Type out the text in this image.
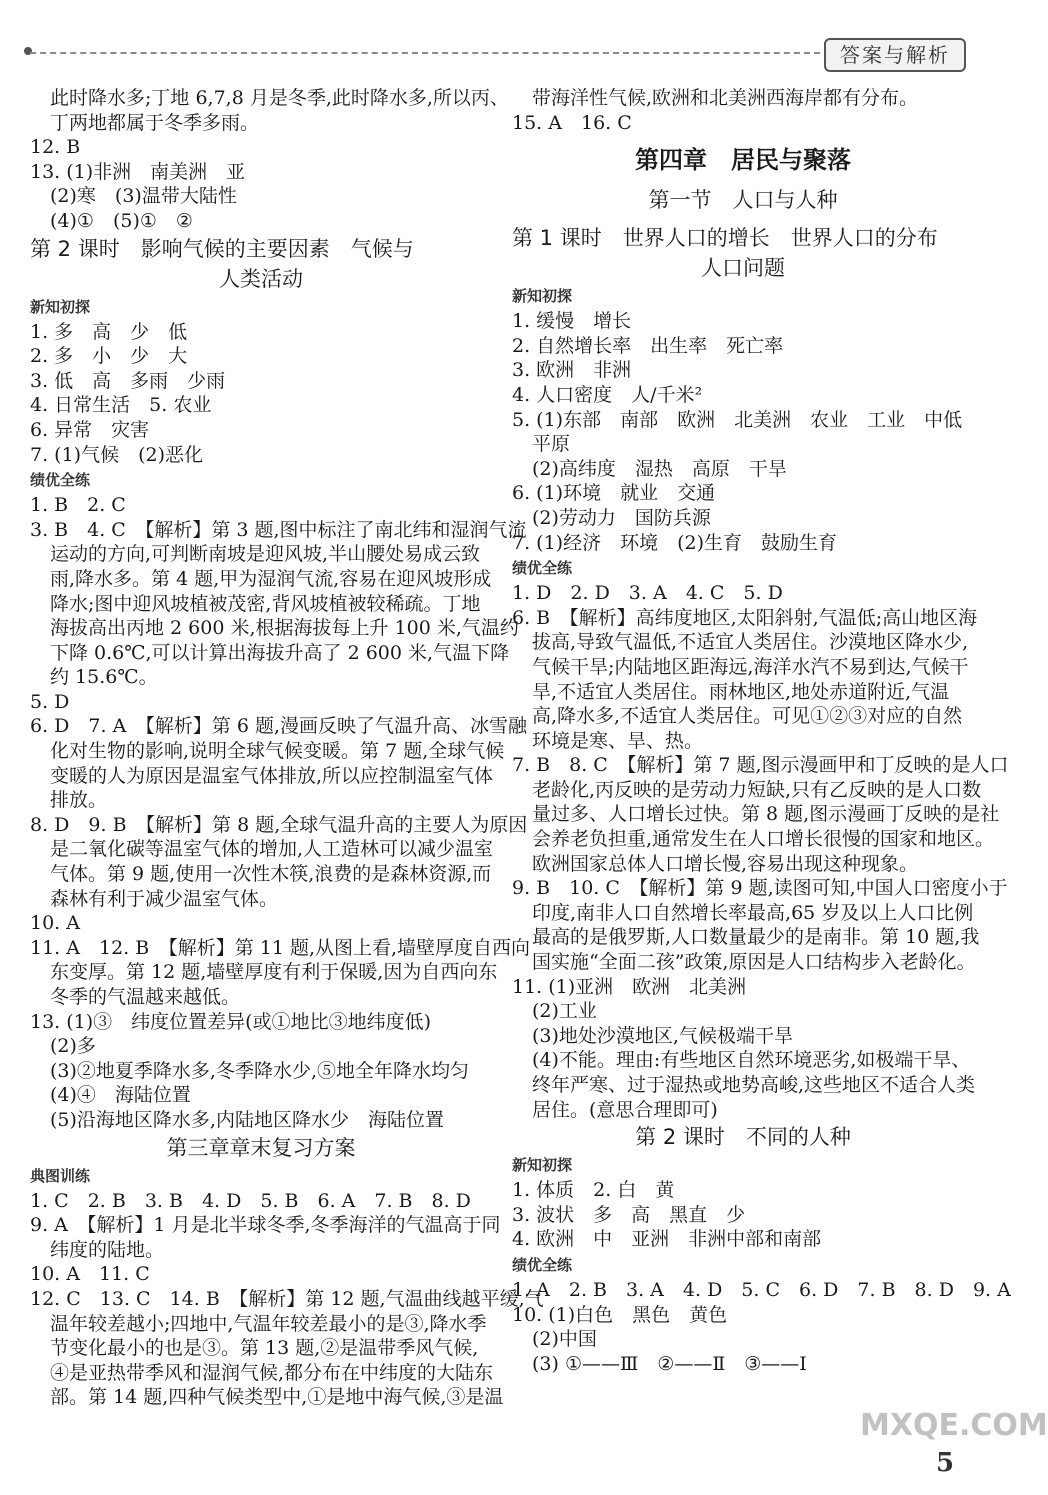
答案与解析
此时降水多;丁地 6,7,8 月是冬季,此时降水多,所以丙、
丁两地都属于冬季多雨。
12. B
13. (1)非洲　南美洲　亚
(2)寒　(3)温带大陆性
(4)①　(5)①　②
第 2 课时　影响气候的主要因素　气候与
人类活动
新知初探
1. 多　高　少　低
2. 多　小　少　大
3. 低　高　多雨　少雨
4. 日常生活　5. 农业
6. 异常　灾害
7. (1)气候　(2)恶化
绩优全练
1. B　2. C
3. B　4. C　【解析】第 3 题,图中标注了南北纬和湿润气流
运动的方向,可判断南坡是迎风坡,半山腰处易成云致
雨,降水多。第 4 题,甲为湿润气流,容易在迎风坡形成
降水;图中迎风坡植被茂密,背风坡植被较稀疏。丁地
海拔高出丙地 2 600 米,根据海拔每上升 100 米,气温约
下降 0.6℃,可以计算出海拔升高了 2 600 米,气温下降
约 15.6℃。
5. D
6. D　7. A　【解析】第 6 题,漫画反映了气温升高、冰雪融
化对生物的影响,说明全球气候变暖。第 7 题,全球气候
变暖的人为原因是温室气体排放,所以应控制温室气体
排放。
8. D　9. B　【解析】第 8 题,全球气温升高的主要人为原因
是二氧化碳等温室气体的增加,人工造林可以减少温室
气体。第 9 题,使用一次性木筷,浪费的是森林资源,而
森林有利于减少温室气体。
10. A
11. A　12. B　【解析】第 11 题,从图上看,墙壁厚度自西向
东变厚。第 12 题,墙壁厚度有利于保暖,因为自西向东
冬季的气温越来越低。
13. (1)③　纬度位置差异(或①地比③地纬度低)
(2)多
(3)②地夏季降水多,冬季降水少,⑤地全年降水均匀
(4)④　海陆位置
(5)沿海地区降水多,内陆地区降水少　海陆位置
第三章章末复习方案
典图训练
1. C　2. B　3. B　4. D　5. B　6. A　7. B　8. D
9. A　【解析】1 月是北半球冬季,冬季海洋的气温高于同
纬度的陆地。
10. A　11. C
12. C　13. C　14. B　【解析】第 12 题,气温曲线越平缓,气
温年较差越小;四地中,气温年较差最小的是③,降水季
节变化最小的也是③。第 13 题,②是温带季风气候,
④是亚热带季风和湿润气候,都分布在中纬度的大陆东
部。第 14 题,四种气候类型中,①是地中海气候,③是温
带海洋性气候,欧洲和北美洲西海岸都有分布。
15. A　16. C
第四章　居民与聚落
第一节　人口与人种
第 1 课时　世界人口的增长　世界人口的分布
人口问题
新知初探
1. 缓慢　增长
2. 自然增长率　出生率　死亡率
3. 欧洲　非洲
4. 人口密度　人/千米²
5. (1)东部　南部　欧洲　北美洲　农业　工业　中低
平原
(2)高纬度　湿热　高原　干旱
6. (1)环境　就业　交通
(2)劳动力　国防兵源
7. (1)经济　环境　(2)生育　鼓励生育
绩优全练
1. D　2. D　3. A　4. C　5. D
6. B　【解析】高纬度地区,太阳斜射,气温低;高山地区海
拔高,导致气温低,不适宜人类居住。沙漠地区降水少,
气候干旱;内陆地区距海远,海洋水汽不易到达,气候干
旱,不适宜人类居住。雨林地区,地处赤道附近,气温
高,降水多,不适宜人类居住。可见①②③对应的自然
环境是寒、旱、热。
7. B　8. C　【解析】第 7 题,图示漫画甲和丁反映的是人口
老龄化,丙反映的是劳动力短缺,只有乙反映的是人口数
量过多、人口增长过快。第 8 题,图示漫画丁反映的是社
会养老负担重,通常发生在人口增长很慢的国家和地区。
欧洲国家总体人口增长慢,容易出现这种现象。
9. B　10. C　【解析】第 9 题,读图可知,中国人口密度小于
印度,南非人口自然增长率最高,65 岁及以上人口比例
最高的是俄罗斯,人口数量最少的是南非。第 10 题,我
国实施“全面二孩”政策,原因是人口结构步入老龄化。
11. (1)亚洲　欧洲　北美洲
(2)工业
(3)地处沙漠地区,气候极端干旱
(4)不能。理由:有些地区自然环境恶劣,如极端干旱、
终年严寒、过于湿热或地势高峻,这些地区不适合人类
居住。(意思合理即可)
第 2 课时　不同的人种
新知初探
1. 体质　2. 白　黄
3. 波状　多　高　黑直　少
4. 欧洲　中　亚洲　非洲中部和南部
绩优全练
1. A　2. B　3. A　4. D　5. C　6. D　7. B　8. D　9. A
10. (1)白色　黑色　黄色
(2)中国
(3) ①——Ⅲ　②——Ⅱ　③——Ⅰ
MXQE.COM
5
